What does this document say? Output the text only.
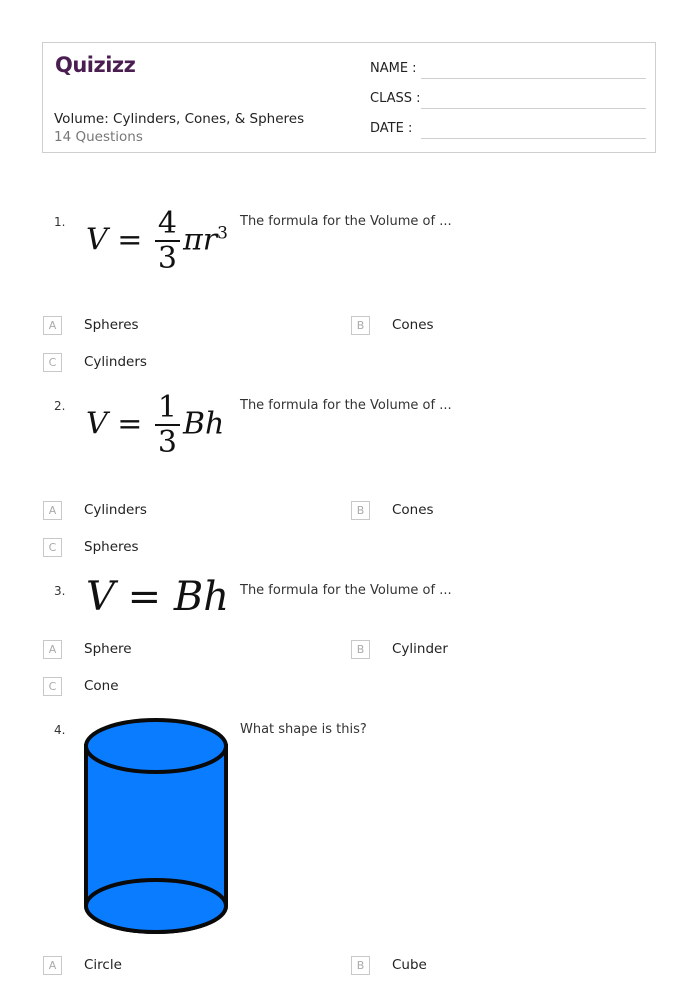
Quizizz
Volume: Cylinders, Cones, & Spheres
14 Questions
NAME :
CLASS :
DATE :
1.
$V = \frac{4}{3} \pi r^3$
The formula for the Volume of ...
A	Spheres	B	Cones
C	Cylinders
2.
$V = \frac{1}{3}$ Bh
The formula for the Volume of ...
A	Cylinders	B	Cones
C	Spheres
3. V = Bh The formula for the Volume of ...
A	Sphere	B	Cylinder
C	Cone
4.	What shape is this?
A	Circle	B	Cube
